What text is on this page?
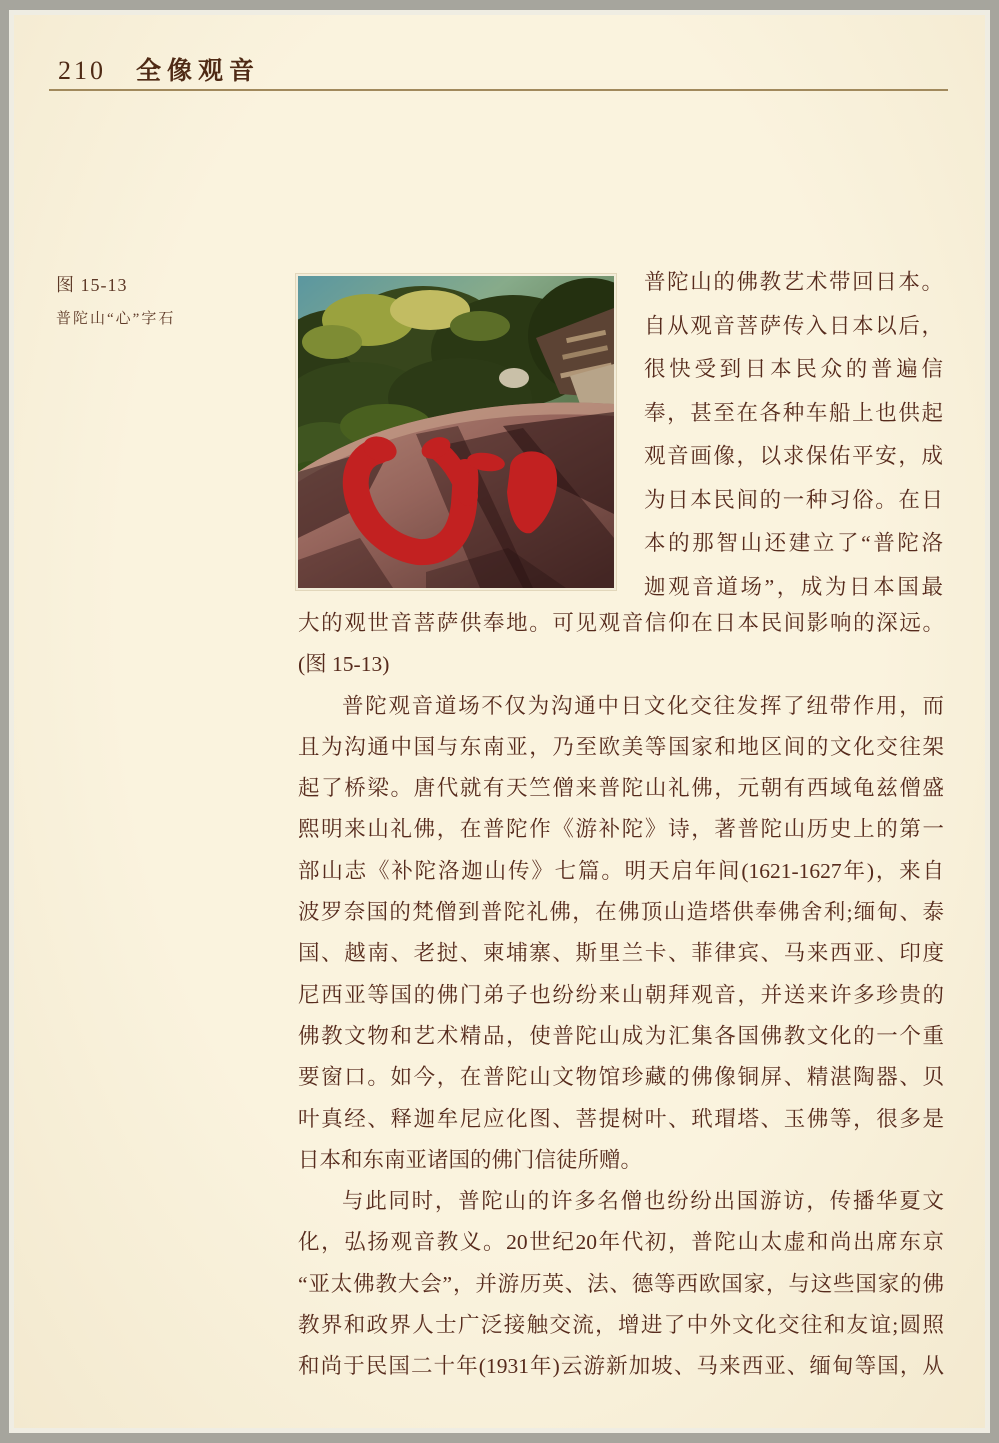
210 全像观音
图 15-13
普陀山“心”字石
普陀山的佛教艺术带回日本。
自从观音菩萨传入日本以后，
很快受到日本民众的普遍信
奉，甚至在各种车船上也供起
观音画像，以求保佑平安，成
为日本民间的一种习俗。在日
本的那智山还建立了“普陀洛
迦观音道场”，成为日本国最
大的观世音菩萨供奉地。可见观音信仰在日本民间影响的深远。
(图 15-13)
普陀观音道场不仅为沟通中日文化交往发挥了纽带作用，而
且为沟通中国与东南亚，乃至欧美等国家和地区间的文化交往架
起了桥梁。唐代就有天竺僧来普陀山礼佛，元朝有西域龟兹僧盛
熙明来山礼佛，在普陀作《游补陀》诗，著普陀山历史上的第一
部山志《补陀洛迦山传》七篇。明天启年间(1621-1627年)，来自
波罗奈国的梵僧到普陀礼佛，在佛顶山造塔供奉佛舍利;缅甸、泰
国、越南、老挝、柬埔寨、斯里兰卡、菲律宾、马来西亚、印度
尼西亚等国的佛门弟子也纷纷来山朝拜观音，并送来许多珍贵的
佛教文物和艺术精品，使普陀山成为汇集各国佛教文化的一个重
要窗口。如今，在普陀山文物馆珍藏的佛像铜屏、精湛陶器、贝
叶真经、释迦牟尼应化图、菩提树叶、玳瑁塔、玉佛等，很多是
日本和东南亚诸国的佛门信徒所赠。
与此同时，普陀山的许多名僧也纷纷出国游访，传播华夏文
化，弘扬观音教义。20世纪20年代初，普陀山太虚和尚出席东京
“亚太佛教大会”，并游历英、法、德等西欧国家，与这些国家的佛
教界和政界人士广泛接触交流，增进了中外文化交往和友谊;圆照
和尚于民国二十年(1931年)云游新加坡、马来西亚、缅甸等国，从
